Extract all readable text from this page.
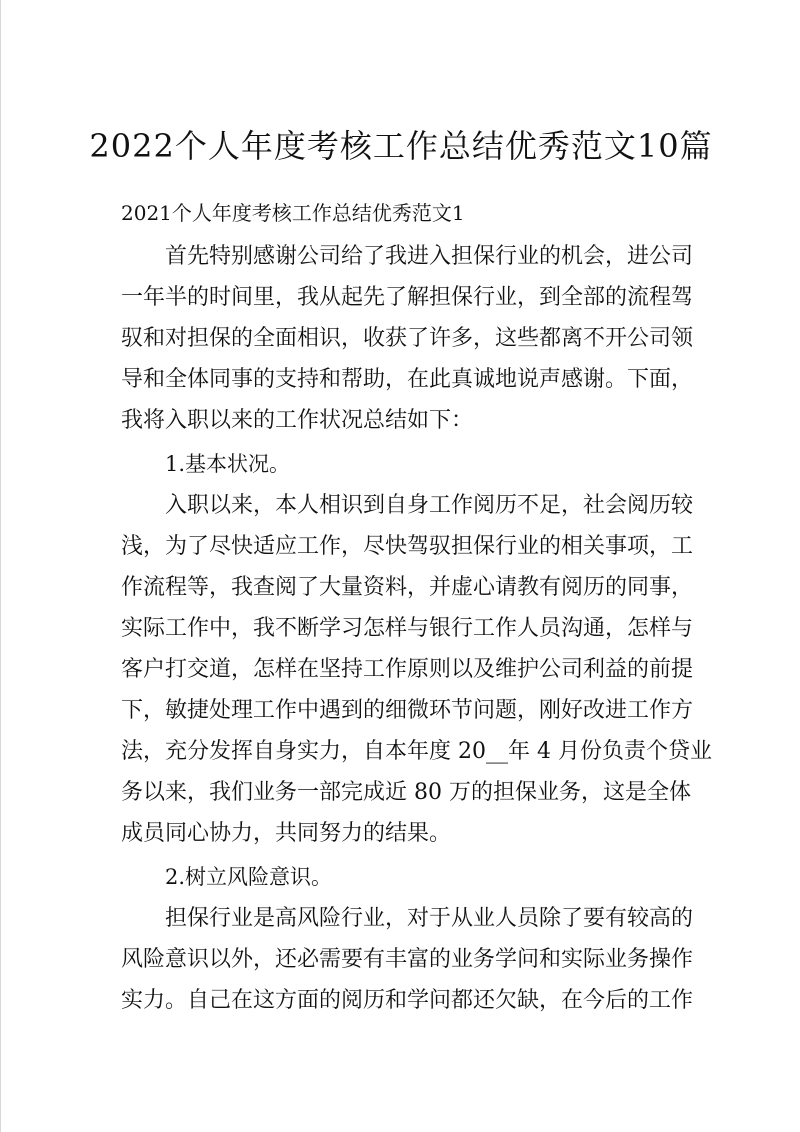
2022个人年度考核工作总结优秀范文10篇
2021个人年度考核工作总结优秀范文1
首先特别感谢公司给了我进入担保行业的机会，进公司
一年半的时间里，我从起先了解担保行业，到全部的流程驾
驭和对担保的全面相识，收获了许多，这些都离不开公司领
导和全体同事的支持和帮助，在此真诚地说声感谢。下面，
我将入职以来的工作状况总结如下：
1.基本状况。
入职以来，本人相识到自身工作阅历不足，社会阅历较
浅，为了尽快适应工作，尽快驾驭担保行业的相关事项，工
作流程等，我查阅了大量资料，并虚心请教有阅历的同事，
实际工作中，我不断学习怎样与银行工作人员沟通，怎样与
客户打交道，怎样在坚持工作原则以及维护公司利益的前提
下，敏捷处理工作中遇到的细微环节问题，刚好改进工作方
法，充分发挥自身实力，自本年度 20__年 4 月份负责个贷业
务以来，我们业务一部完成近 80 万的担保业务，这是全体
成员同心协力，共同努力的结果。
2.树立风险意识。
担保行业是高风险行业，对于从业人员除了要有较高的
风险意识以外，还必需要有丰富的业务学问和实际业务操作
实力。自己在这方面的阅历和学问都还欠缺，在今后的工作
